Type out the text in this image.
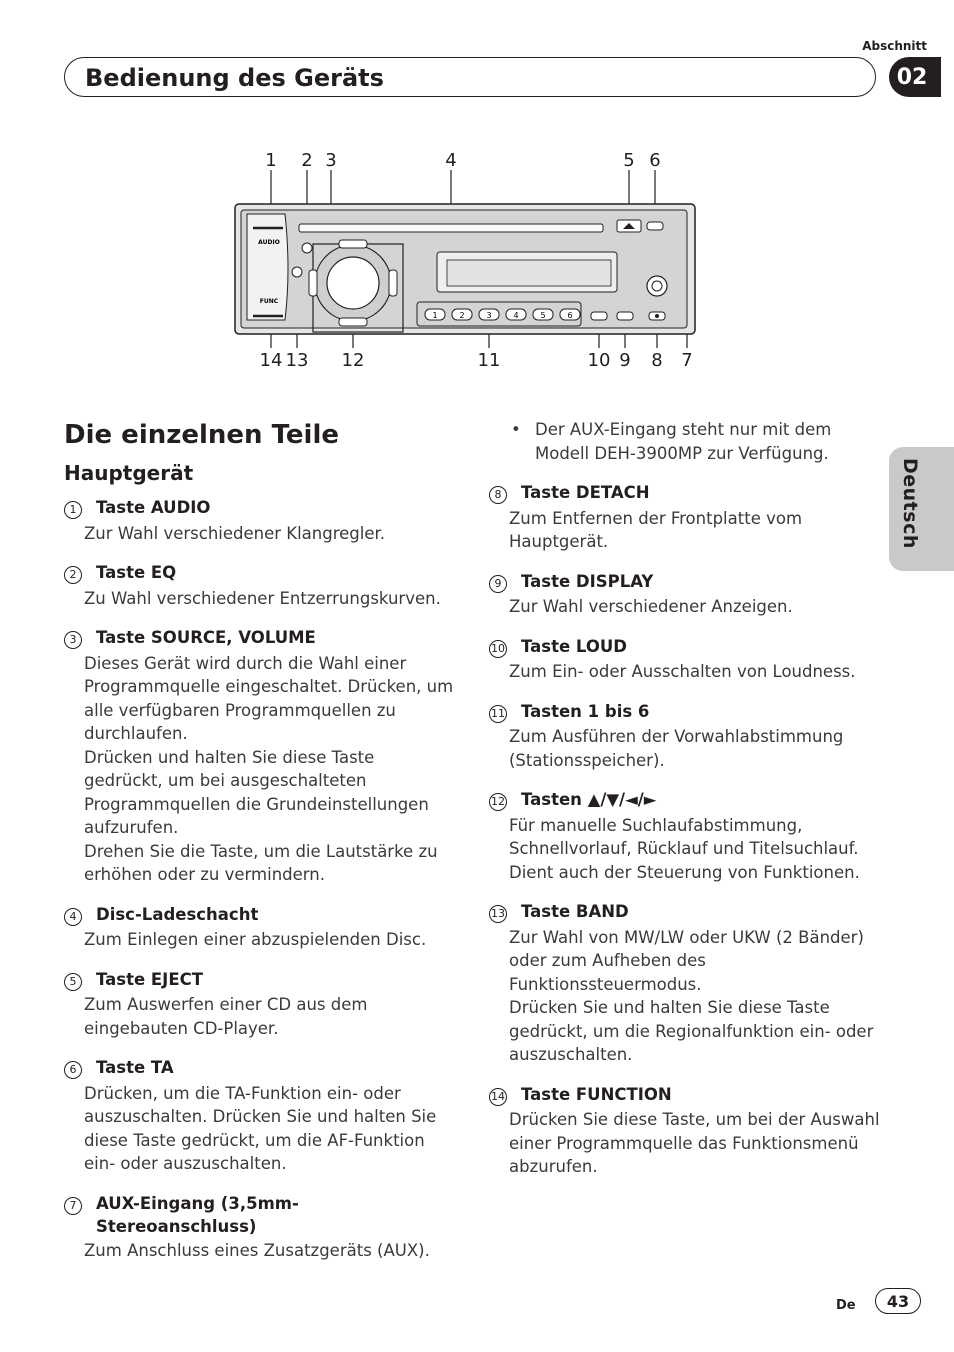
Abschnitt
Bedienung des Geräts	02
1 2 3	4	5 6
14 13 12	11	10 9 8 7
AUDIO
FUNC
1	2	3	4	5	6
Deutsch
Die einzelnen Teile
Hauptgerät
1	Taste AUDIO

Zur Wahl verschiedener Klangregler.

2	Taste EQ

Zu Wahl verschiedener Entzerrungskurven.

3	Taste SOURCE, VOLUME

Dieses Gerät wird durch die Wahl einer Programmquelle eingeschaltet. Drücken, um alle verfügbaren Programmquellen zu durchlaufen.

Drücken und halten Sie diese Taste gedrückt, um bei ausgeschalteten Programmquellen die Grundeinstellungen aufzurufen.

Drehen Sie die Taste, um die Lautstärke zu erhöhen oder zu vermindern.

4	Disc-Ladeschacht

Zum Einlegen einer abzuspielenden Disc.

5	Taste EJECT

Zum Auswerfen einer CD aus dem eingebauten CD-Player.

6	Taste TA

Drücken, um die TA-Funktion ein- oder auszuschalten. Drücken Sie und halten Sie diese Taste gedrückt, um die AF-Funktion ein- oder auszuschalten.

7	AUX-Eingang (3,5mm-Stereoanschluss)

Zum Anschluss eines Zusatzgeräts (AUX).

• Der AUX-Eingang steht nur mit dem Modell DEH-3900MP zur Verfügung.
8	Taste DETACH

Zum Entfernen der Frontplatte vom Hauptgerät.

9	Taste DISPLAY

Zur Wahl verschiedener Anzeigen.

10 Taste LOUD

Zum Ein- oder Ausschalten von Loudness.

11 Tasten 1 bis 6

Zum Ausführen der Vorwahlabstimmung (Stationsspeicher).

12 Tasten ▲/▼/◄/►

Für manuelle Suchlaufabstimmung, Schnellvorlauf, Rücklauf und Titelsuchlauf. Dient auch der Steuerung von Funktionen.

13 Taste BAND

Zur Wahl von MW/LW oder UKW (2 Bänder) oder zum Aufheben des Funktionssteuermodus.

Drücken Sie und halten Sie diese Taste gedrückt, um die Regionalfunktion ein- oder auszuschalten.

14 Taste FUNCTION

Drücken Sie diese Taste, um bei der Auswahl einer Programmquelle das Funktionsmenü abzurufen.

De	43
